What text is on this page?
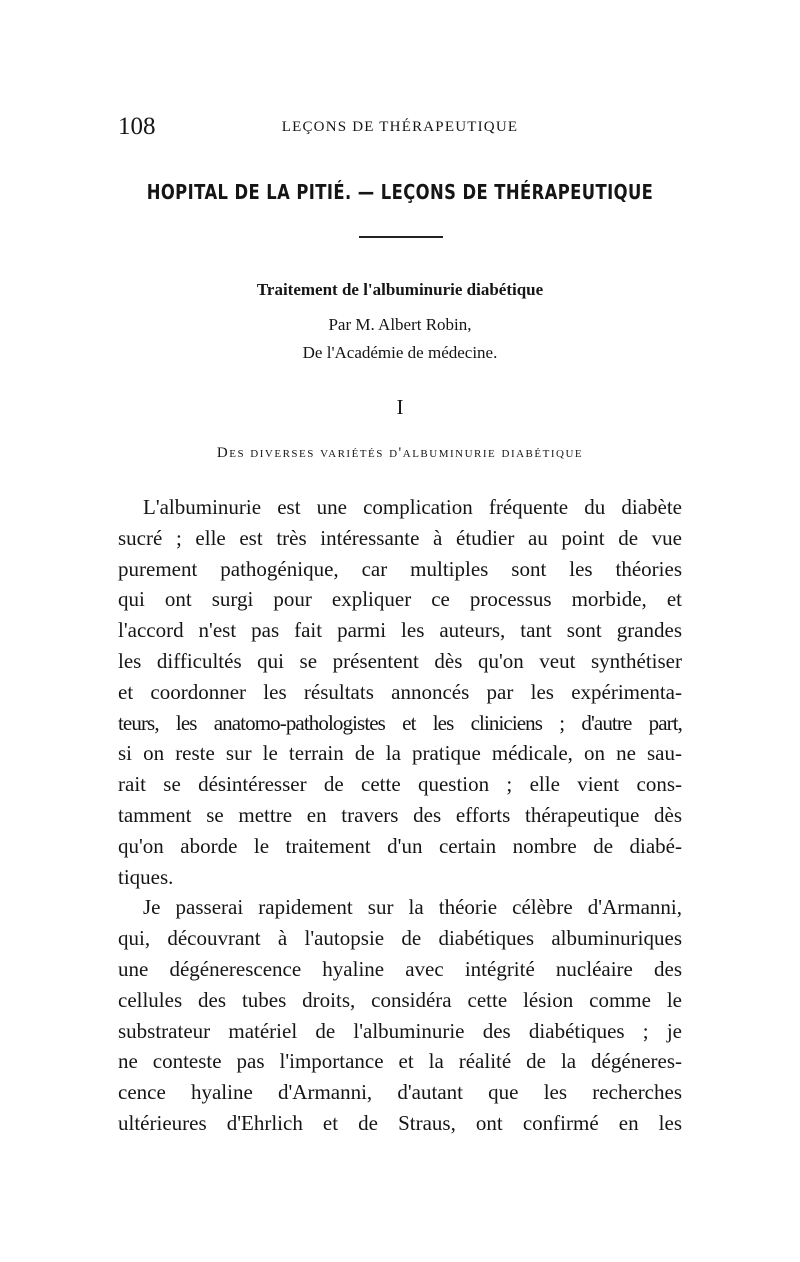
108	LEÇONS DE THÉRAPEUTIQUE
HOPITAL DE LA PITIÉ. — LEÇONS DE THÉRAPEUTIQUE
Traitement de l'albuminurie diabétique
Par M. Albert Robin,
De l'Académie de médecine.
I
Des diverses variétés d'albuminurie diabétique
L'albuminurie est une complication fréquente du diabète
sucré ; elle est très intéressante à étudier au point de vue
purement pathogénique, car multiples sont les théories
qui ont surgi pour expliquer ce processus morbide, et
l'accord n'est pas fait parmi les auteurs, tant sont grandes
les difficultés qui se présentent dès qu'on veut synthétiser
et coordonner les résultats annoncés par les expérimenta-
teurs, les anatomo-pathologistes et les cliniciens ; d'autre part,
si on reste sur le terrain de la pratique médicale, on ne sau-
rait se désintéresser de cette question ; elle vient cons-
tamment se mettre en travers des efforts thérapeutique dès
qu'on aborde le traitement d'un certain nombre de diabé-
tiques.
Je passerai rapidement sur la théorie célèbre d'Armanni,
qui, découvrant à l'autopsie de diabétiques albuminuriques
une dégénerescence hyaline avec intégrité nucléaire des
cellules des tubes droits, considéra cette lésion comme le
substrateur matériel de l'albuminurie des diabétiques ; je
ne conteste pas l'importance et la réalité de la dégéneres-
cence hyaline d'Armanni, d'autant que les recherches
ultérieures d'Ehrlich et de Straus, ont confirmé en les
